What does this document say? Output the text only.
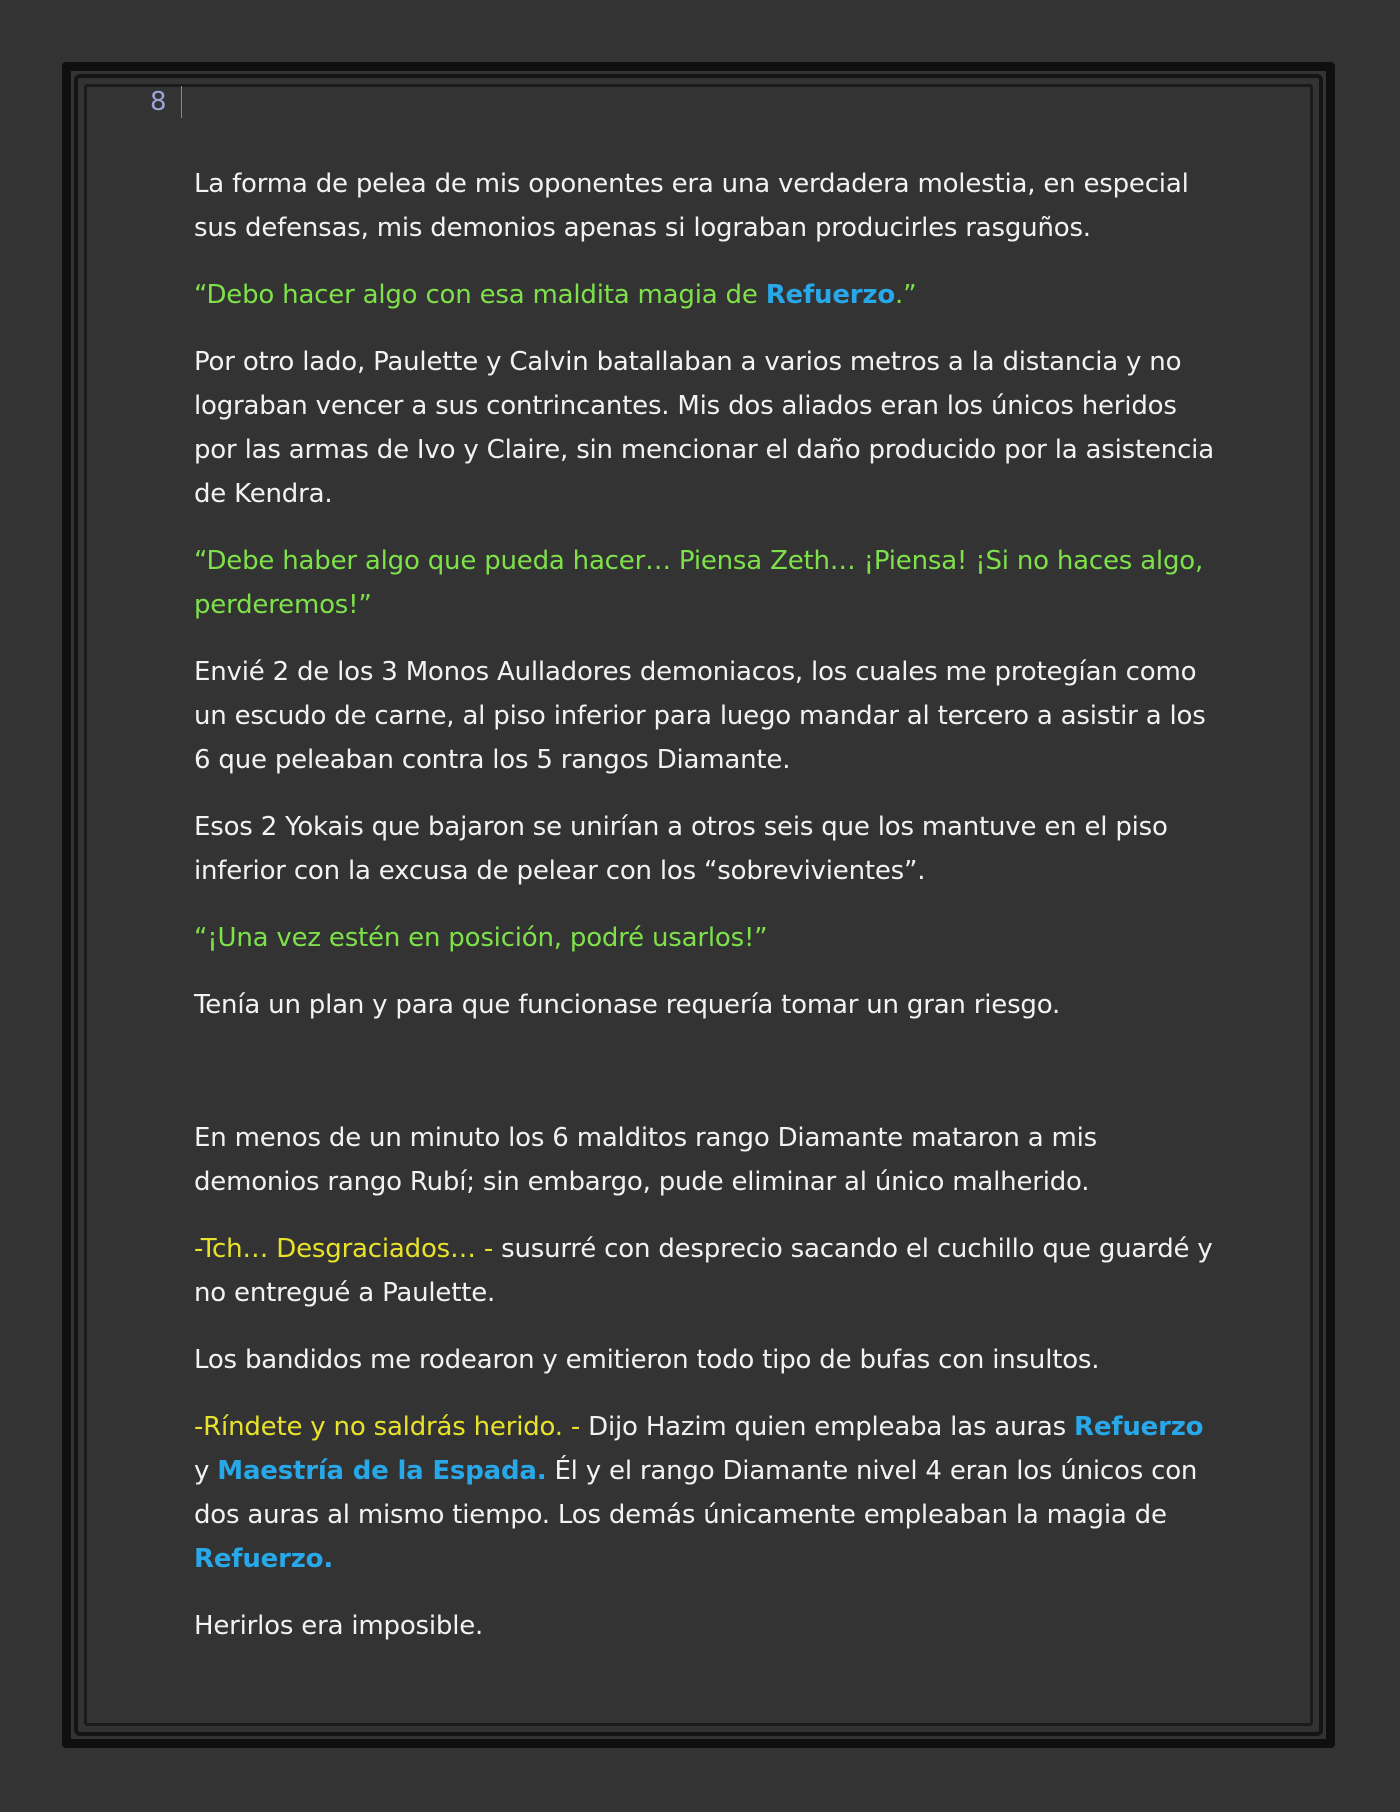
8

La forma de pelea de mis oponentes era una verdadera molestia, en especial sus defensas, mis demonios apenas si lograban producirles rasguños.

“Debo hacer algo con esa maldita magia de Refuerzo.”

Por otro lado, Paulette y Calvin batallaban a varios metros a la distancia y no lograban vencer a sus contrincantes. Mis dos aliados eran los únicos heridos por las armas de Ivo y Claire, sin mencionar el daño producido por la asistencia de Kendra.

“Debe haber algo que pueda hacer… Piensa Zeth… ¡Piensa! ¡Si no haces algo, perderemos!”

Envié 2 de los 3 Monos Aulladores demoniacos, los cuales me protegían como un escudo de carne, al piso inferior para luego mandar al tercero a asistir a los 6 que peleaban contra los 5 rangos Diamante.

Esos 2 Yokais que bajaron se unirían a otros seis que los mantuve en el piso inferior con la excusa de pelear con los “sobrevivientes”.

“¡Una vez estén en posición, podré usarlos!”

Tenía un plan y para que funcionase requería tomar un gran riesgo.

En menos de un minuto los 6 malditos rango Diamante mataron a mis demonios rango Rubí; sin embargo, pude eliminar al único malherido.

-Tch… Desgraciados… - susurré con desprecio sacando el cuchillo que guardé y no entregué a Paulette.

Los bandidos me rodearon y emitieron todo tipo de bufas con insultos.

-Ríndete y no saldrás herido. - Dijo Hazim quien empleaba las auras Refuerzo y Maestría de la Espada. Él y el rango Diamante nivel 4 eran los únicos con dos auras al mismo tiempo. Los demás únicamente empleaban la magia de Refuerzo.

Herirlos era imposible.
